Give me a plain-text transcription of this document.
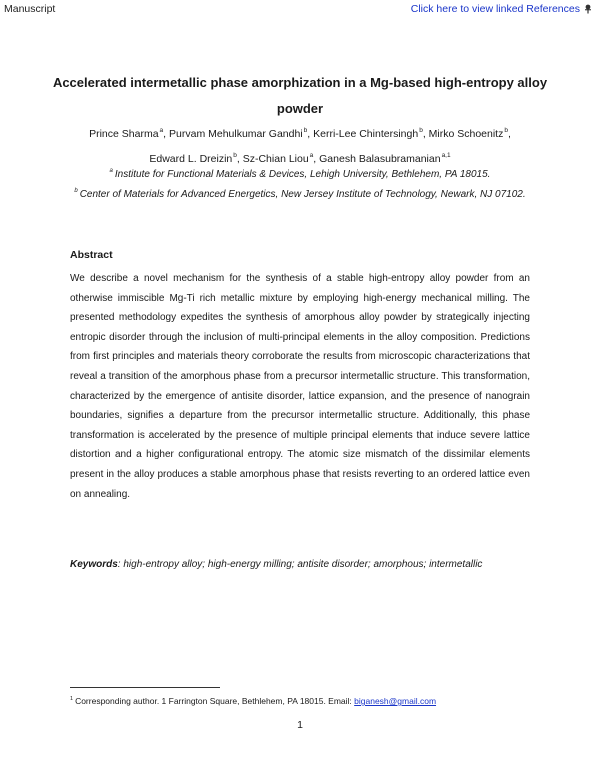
Manuscript	Click here to view linked References
Accelerated intermetallic phase amorphization in a Mg-based high-entropy alloy
powder
Prince Sharma$^a$, Purvam Mehulkumar Gandhi$^b$, Kerri-Lee Chintersingh$^b$, Mirko Schoenitz$^b$,
Edward L. Dreizin$^b$, Sz-Chian Liou$^a$, Ganesh Balasubramanian$^{a,1}$
$^a$ Institute for Functional Materials & Devices, Lehigh University, Bethlehem, PA 18015.
$^b$ Center of Materials for Advanced Energetics, New Jersey Institute of Technology, Newark, NJ 07102.
Abstract
We describe a novel mechanism for the synthesis of a stable high-entropy alloy powder from an otherwise immiscible Mg-Ti rich metallic mixture by employing high-energy mechanical milling. The presented methodology expedites the synthesis of amorphous alloy powder by strategically injecting entropic disorder through the inclusion of multi-principal elements in the alloy composition. Predictions from first principles and materials theory corroborate the results from microscopic characterizations that reveal a transition of the amorphous phase from a precursor intermetallic structure. This transformation, characterized by the emergence of antisite disorder, lattice expansion, and the presence of nanograin boundaries, signifies a departure from the precursor intermetallic structure. Additionally, this phase transformation is accelerated by the presence of multiple principal elements that induce severe lattice distortion and a higher configurational entropy. The atomic size mismatch of the dissimilar elements present in the alloy produces a stable amorphous phase that resists reverting to an ordered lattice even on annealing.
Keywords: high-entropy alloy; high-energy milling; antisite disorder; amorphous; intermetallic
$^1$ Corresponding author. 1 Farrington Square, Bethlehem, PA 18015. Email: biganesh@gmail.com
1
